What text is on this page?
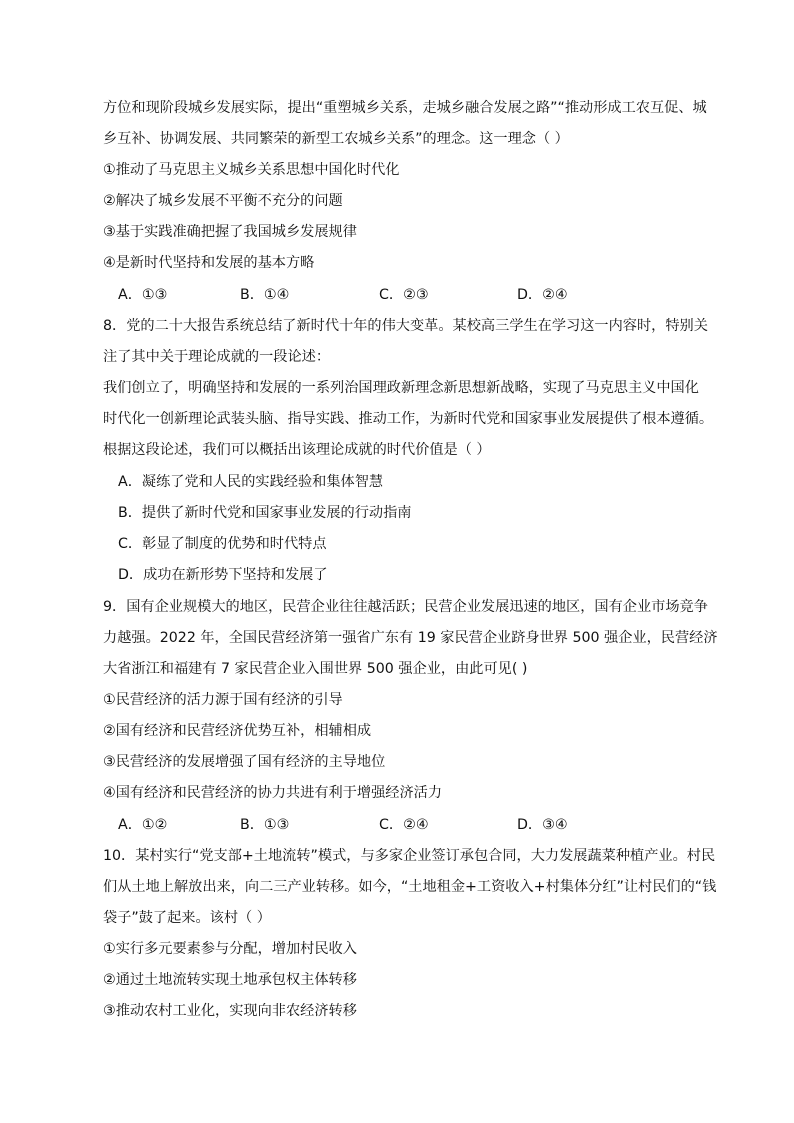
方位和现阶段城乡发展实际，提出“重塑城乡关系，走城乡融合发展之路”“推动形成工农互促、城
乡互补、协调发展、共同繁荣的新型工农城乡关系”的理念。这一理念（ ）
①推动了马克思主义城乡关系思想中国化时代化
②解决了城乡发展不平衡不充分的问题
③基于实践准确把握了我国城乡发展规律
④是新时代坚持和发展的基本方略
A．①③	B．①④	C．②③	D．②④
8．党的二十大报告系统总结了新时代十年的伟大变革。某校高三学生在学习这一内容时，特别关
注了其中关于理论成就的一段论述：
我们创立了，明确坚持和发展的一系列治国理政新理念新思想新战略，实现了马克思主义中国化
时代化一创新理论武装头脑、指导实践、推动工作，为新时代党和国家事业发展提供了根本遵循。
根据这段论述，我们可以概括出该理论成就的时代价值是（ ）
A．凝练了党和人民的实践经验和集体智慧
B．提供了新时代党和国家事业发展的行动指南
C．彰显了制度的优势和时代特点
D．成功在新形势下坚持和发展了
9．国有企业规模大的地区，民营企业往往越活跃；民营企业发展迅速的地区，国有企业市场竞争
力越强。2022 年，全国民营经济第一强省广东有 19 家民营企业跻身世界 500 强企业，民营经济
大省浙江和福建有 7 家民营企业入围世界 500 强企业，由此可见( )
①民营经济的活力源于国有经济的引导
②国有经济和民营经济优势互补，相辅相成
③民营经济的发展增强了国有经济的主导地位
④国有经济和民营经济的协力共进有利于增强经济活力
A．①②	B．①③	C．②④	D．③④
10．某村实行“党支部+土地流转”模式，与多家企业签订承包合同，大力发展蔬菜种植产业。村民
们从土地上解放出来，向二三产业转移。如今，“土地租金+工资收入+村集体分红”让村民们的“钱
袋子”鼓了起来。该村（ ）
①实行多元要素参与分配，增加村民收入
②通过土地流转实现土地承包权主体转移
③推动农村工业化，实现向非农经济转移
